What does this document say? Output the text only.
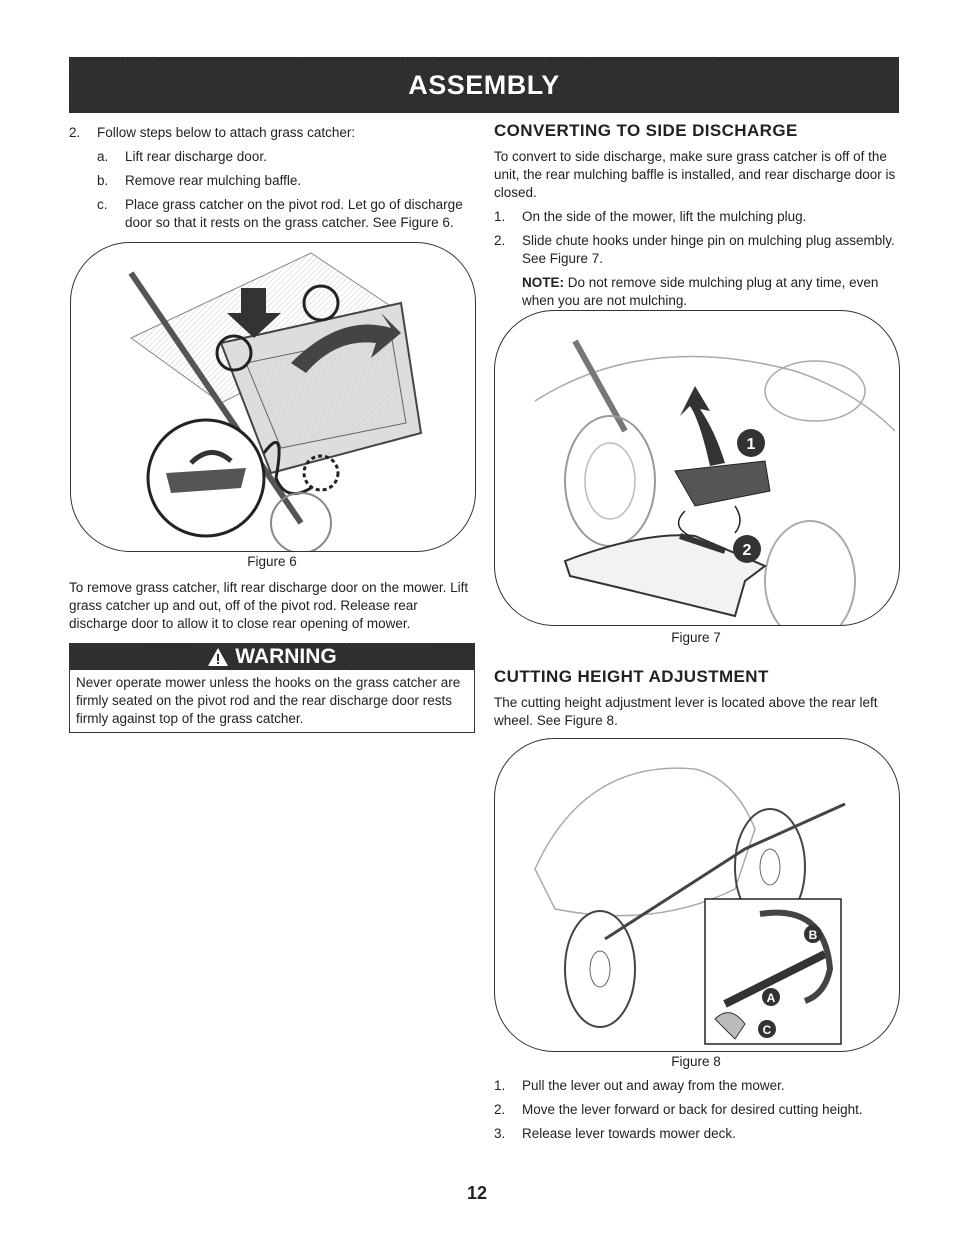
ASSEMBLY
2.	Follow steps below to attach grass catcher:
a.	Lift rear discharge door.
b.	Remove rear mulching baffle.
c.	Place grass catcher on the pivot rod. Let go of discharge door so that it rests on the grass catcher. See Figure 6.
Figure 6

To remove grass catcher, lift rear discharge door on the mower. Lift grass catcher up and out, off of the pivot rod. Release rear discharge door to allow it to close rear opening of mower.

WARNING
Never operate mower unless the hooks on the grass catcher are firmly seated on the pivot rod and the rear discharge door rests firmly against top of the grass catcher.
CONVERTING TO SIDE DISCHARGE

To convert to side discharge, make sure grass catcher is off of the unit, the rear mulching baffle is installed, and rear discharge door is closed.

1.	On the side of the mower, lift the mulching plug.
2.	Slide chute hooks under hinge pin on mulching plug assembly. See Figure 7.

NOTE: Do not remove side mulching plug at any time, even when you are not mulching.

1
2
Figure 7
CUTTING HEIGHT ADJUSTMENT

The cutting height adjustment lever is located above the rear left wheel. See Figure 8.

B
A
C
Figure 8
1.	Pull the lever out and away from the mower.
2.	Move the lever forward or back for desired cutting height.
3.	Release lever towards mower deck.
12
